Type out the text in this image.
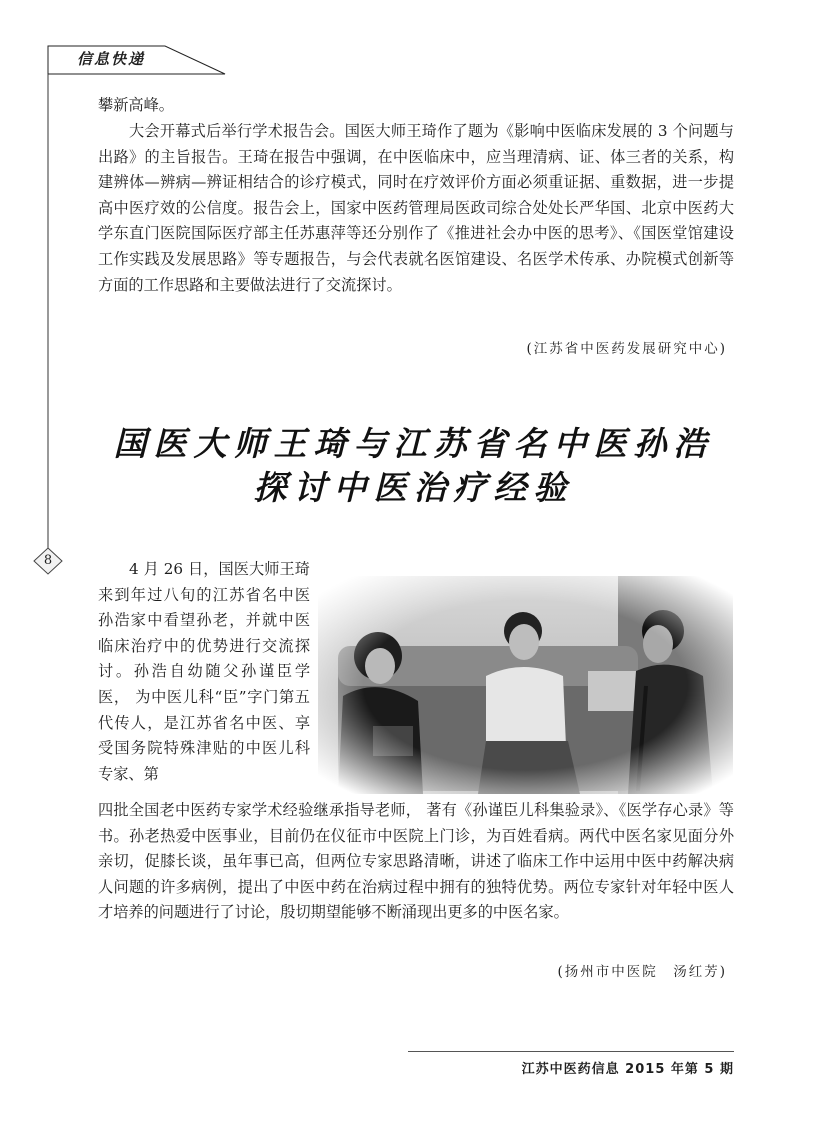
信息快递
8
攀新高峰。
大会开幕式后举行学术报告会。国医大师王琦作了题为《影响中医临床发展的 3 个问题与出路》的主旨报告。王琦在报告中强调，在中医临床中，应当理清病、证、体三者的关系，构建辨体—辨病—辨证相结合的诊疗模式，同时在疗效评价方面必须重证据、重数据，进一步提高中医疗效的公信度。报告会上，国家中医药管理局医政司综合处处长严华国、北京中医药大学东直门医院国际医疗部主任苏惠萍等还分别作了《推进社会办中医的思考》、《国医堂馆建设工作实践及发展思路》等专题报告，与会代表就名医馆建设、名医学术传承、办院模式创新等方面的工作思路和主要做法进行了交流探讨。
(江苏省中医药发展研究中心)
国医大师王琦与江苏省名中医孙浩
探讨中医治疗经验
4 月 26 日，国医大师王琦来到年过八旬的江苏省名中医孙浩家中看望孙老，并就中医临床治疗中的优势进行交流探讨。孙浩自幼随父孙谨臣学医， 为中医儿科“臣”字门第五代传人，是江苏省名中医、享受国务院特殊津贴的中医儿科专家、第
四批全国老中医药专家学术经验继承指导老师， 著有《孙谨臣儿科集验录》、《医学存心录》等书。孙老热爱中医事业，目前仍在仪征市中医院上门诊，为百姓看病。两代中医名家见面分外亲切，促膝长谈，虽年事已高，但两位专家思路清晰，讲述了临床工作中运用中医中药解决病人问题的许多病例，提出了中医中药在治病过程中拥有的独特优势。两位专家针对年轻中医人才培养的问题进行了讨论，殷切期望能够不断涌现出更多的中医名家。
(扬州市中医院　汤红芳)
江苏中医药信息 2015 年第 5 期
